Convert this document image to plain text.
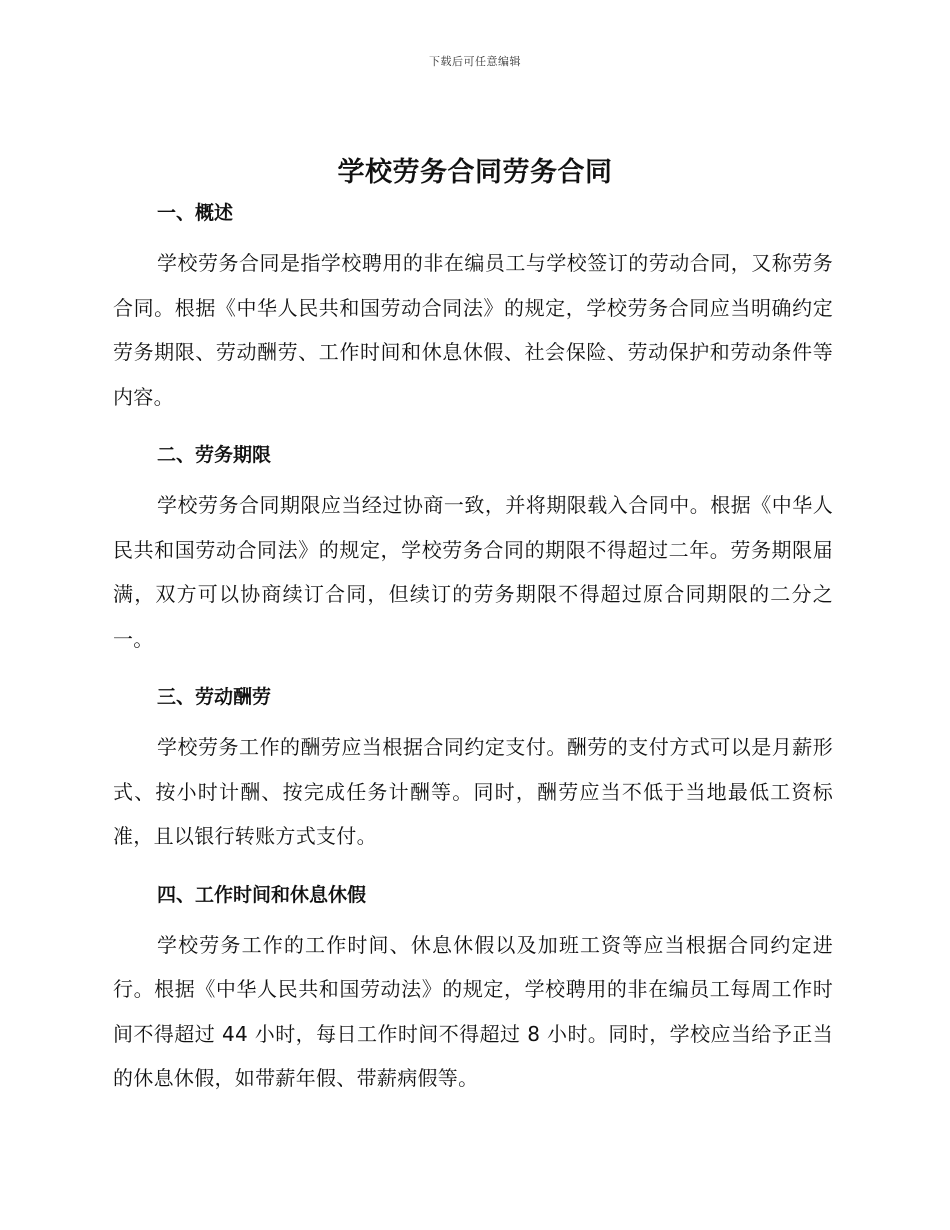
下载后可任意编辑
学校劳务合同劳务合同
一、概述

学校劳务合同是指学校聘用的非在编员工与学校签订的劳动合同，又称劳务合同。根据《中华人民共和国劳动合同法》的规定，学校劳务合同应当明确约定劳务期限、劳动酬劳、工作时间和休息休假、社会保险、劳动保护和劳动条件等内容。

二、劳务期限

学校劳务合同期限应当经过协商一致，并将期限载入合同中。根据《中华人民共和国劳动合同法》的规定，学校劳务合同的期限不得超过二年。劳务期限届满，双方可以协商续订合同，但续订的劳务期限不得超过原合同期限的二分之一。

三、劳动酬劳

学校劳务工作的酬劳应当根据合同约定支付。酬劳的支付方式可以是月薪形式、按小时计酬、按完成任务计酬等。同时，酬劳应当不低于当地最低工资标准，且以银行转账方式支付。

四、工作时间和休息休假

学校劳务工作的工作时间、休息休假以及加班工资等应当根据合同约定进行。根据《中华人民共和国劳动法》的规定，学校聘用的非在编员工每周工作时间不得超过 44 小时，每日工作时间不得超过 8 小时。同时，学校应当给予正当的休息休假，如带薪年假、带薪病假等。
